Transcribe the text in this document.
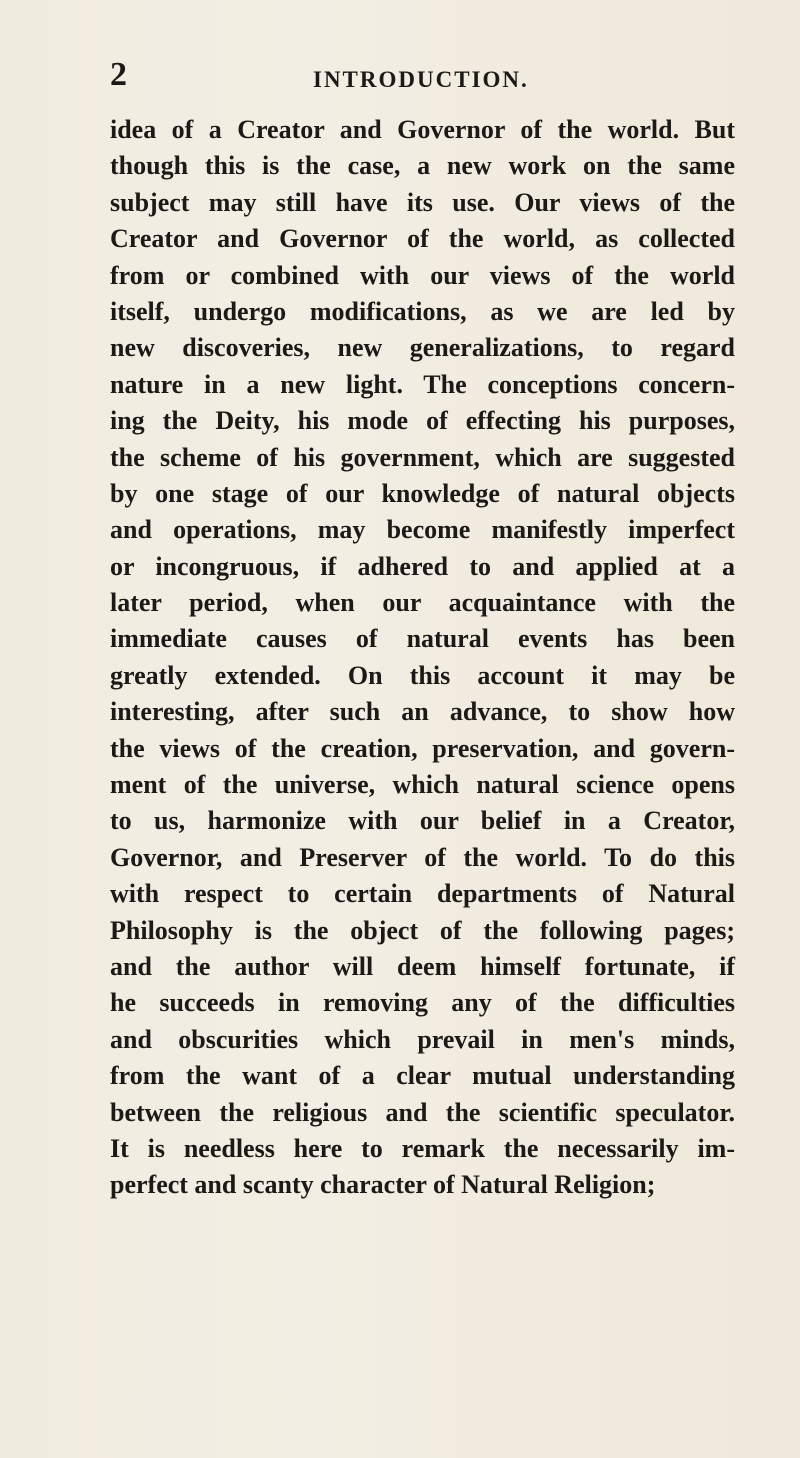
2	INTRODUCTION.
idea of a Creator and Governor of the world. But
though this is the case, a new work on the same
subject may still have its use. Our views of the
Creator and Governor of the world, as collected
from or combined with our views of the world
itself, undergo modifications, as we are led by
new discoveries, new generalizations, to regard
nature in a new light. The conceptions concern-
ing the Deity, his mode of effecting his purposes,
the scheme of his government, which are suggested
by one stage of our knowledge of natural objects
and operations, may become manifestly imperfect
or incongruous, if adhered to and applied at a
later period, when our acquaintance with the
immediate causes of natural events has been
greatly extended. On this account it may be
interesting, after such an advance, to show how
the views of the creation, preservation, and govern-
ment of the universe, which natural science opens
to us, harmonize with our belief in a Creator,
Governor, and Preserver of the world. To do this
with respect to certain departments of Natural
Philosophy is the object of the following pages;
and the author will deem himself fortunate, if
he succeeds in removing any of the difficulties
and obscurities which prevail in men's minds,
from the want of a clear mutual understanding
between the religious and the scientific speculator.
It is needless here to remark the necessarily im-
perfect and scanty character of Natural Religion;
